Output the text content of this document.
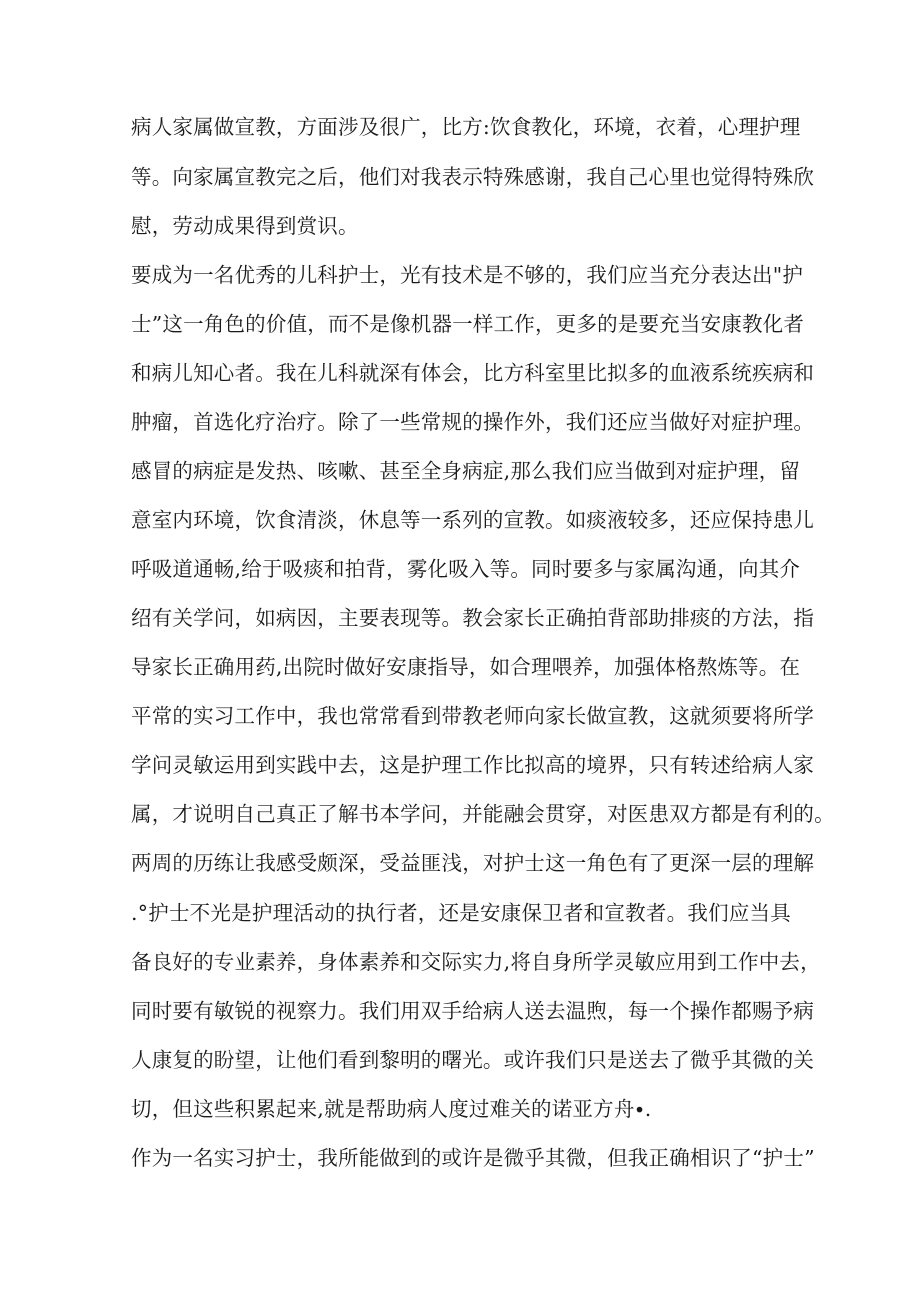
病人家属做宣教，方面涉及很广，比方:饮食教化，环境，衣着，心理护理
等。向家属宣教完之后，他们对我表示特殊感谢，我自己心里也觉得特殊欣
慰，劳动成果得到赏识。
要成为一名优秀的儿科护士，光有技术是不够的，我们应当充分表达出"护
士”这一角色的价值，而不是像机器一样工作，更多的是要充当安康教化者
和病儿知心者。我在儿科就深有体会，比方科室里比拟多的血液系统疾病和
肿瘤，首选化疗治疗。除了一些常规的操作外，我们还应当做好对症护理。
感冒的病症是发热、咳嗽、甚至全身病症,那么我们应当做到对症护理，留
意室内环境，饮食清淡，休息等一系列的宣教。如痰液较多，还应保持患儿
呼吸道通畅,给于吸痰和拍背，雾化吸入等。同时要多与家属沟通，向其介
绍有关学问，如病因，主要表现等。教会家长正确拍背部助排痰的方法，指
导家长正确用药,出院时做好安康指导，如合理喂养，加强体格熬炼等。在
平常的实习工作中，我也常常看到带教老师向家长做宣教，这就须要将所学
学问灵敏运用到实践中去，这是护理工作比拟高的境界，只有转述给病人家
属，才说明自己真正了解书本学问，并能融会贯穿，对医患双方都是有利的。
两周的历练让我感受颇深，受益匪浅，对护士这一角色有了更深一层的理解
.°护士不光是护理活动的执行者，还是安康保卫者和宣教者。我们应当具
备良好的专业素养，身体素养和交际实力,将自身所学灵敏应用到工作中去，
同时要有敏锐的视察力。我们用双手给病人送去温煦，每一个操作都赐予病
人康复的盼望，让他们看到黎明的曙光。或许我们只是送去了微乎其微的关
切，但这些积累起来,就是帮助病人度过难关的诺亚方舟∙.
作为一名实习护士，我所能做到的或许是微乎其微，但我正确相识了“护士”
